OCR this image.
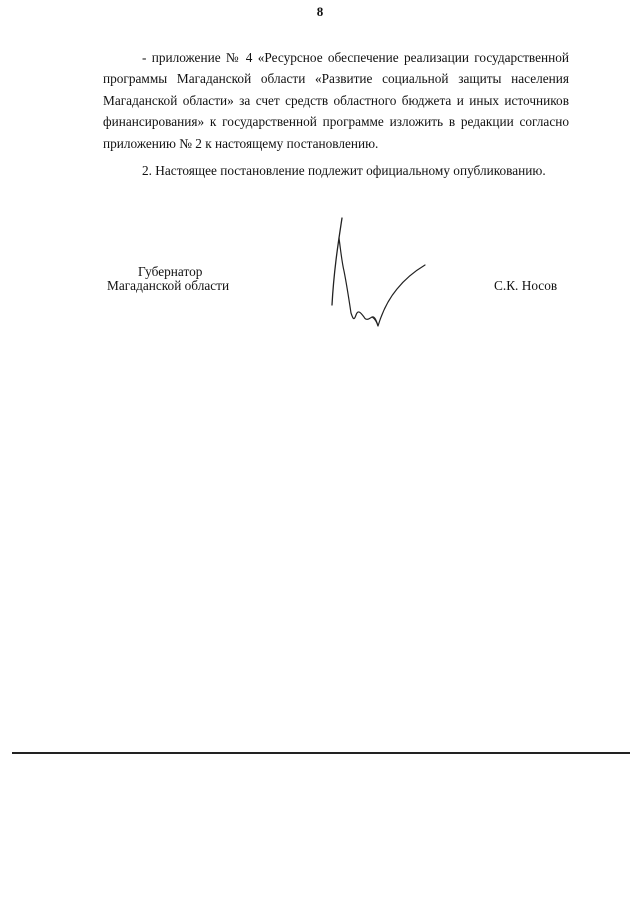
8

- приложение № 4 «Ресурсное обеспечение реализации государственной программы Магаданской области «Развитие социальной защиты населения Магаданской области» за счет средств областного бюджета и иных источников финансирования» к государственной программе изложить в редакции согласно приложению № 2 к настоящему постановлению.

2. Настоящее постановление подлежит официальному опубликованию.

Губернатор
Магаданской области	С.К. Носов
